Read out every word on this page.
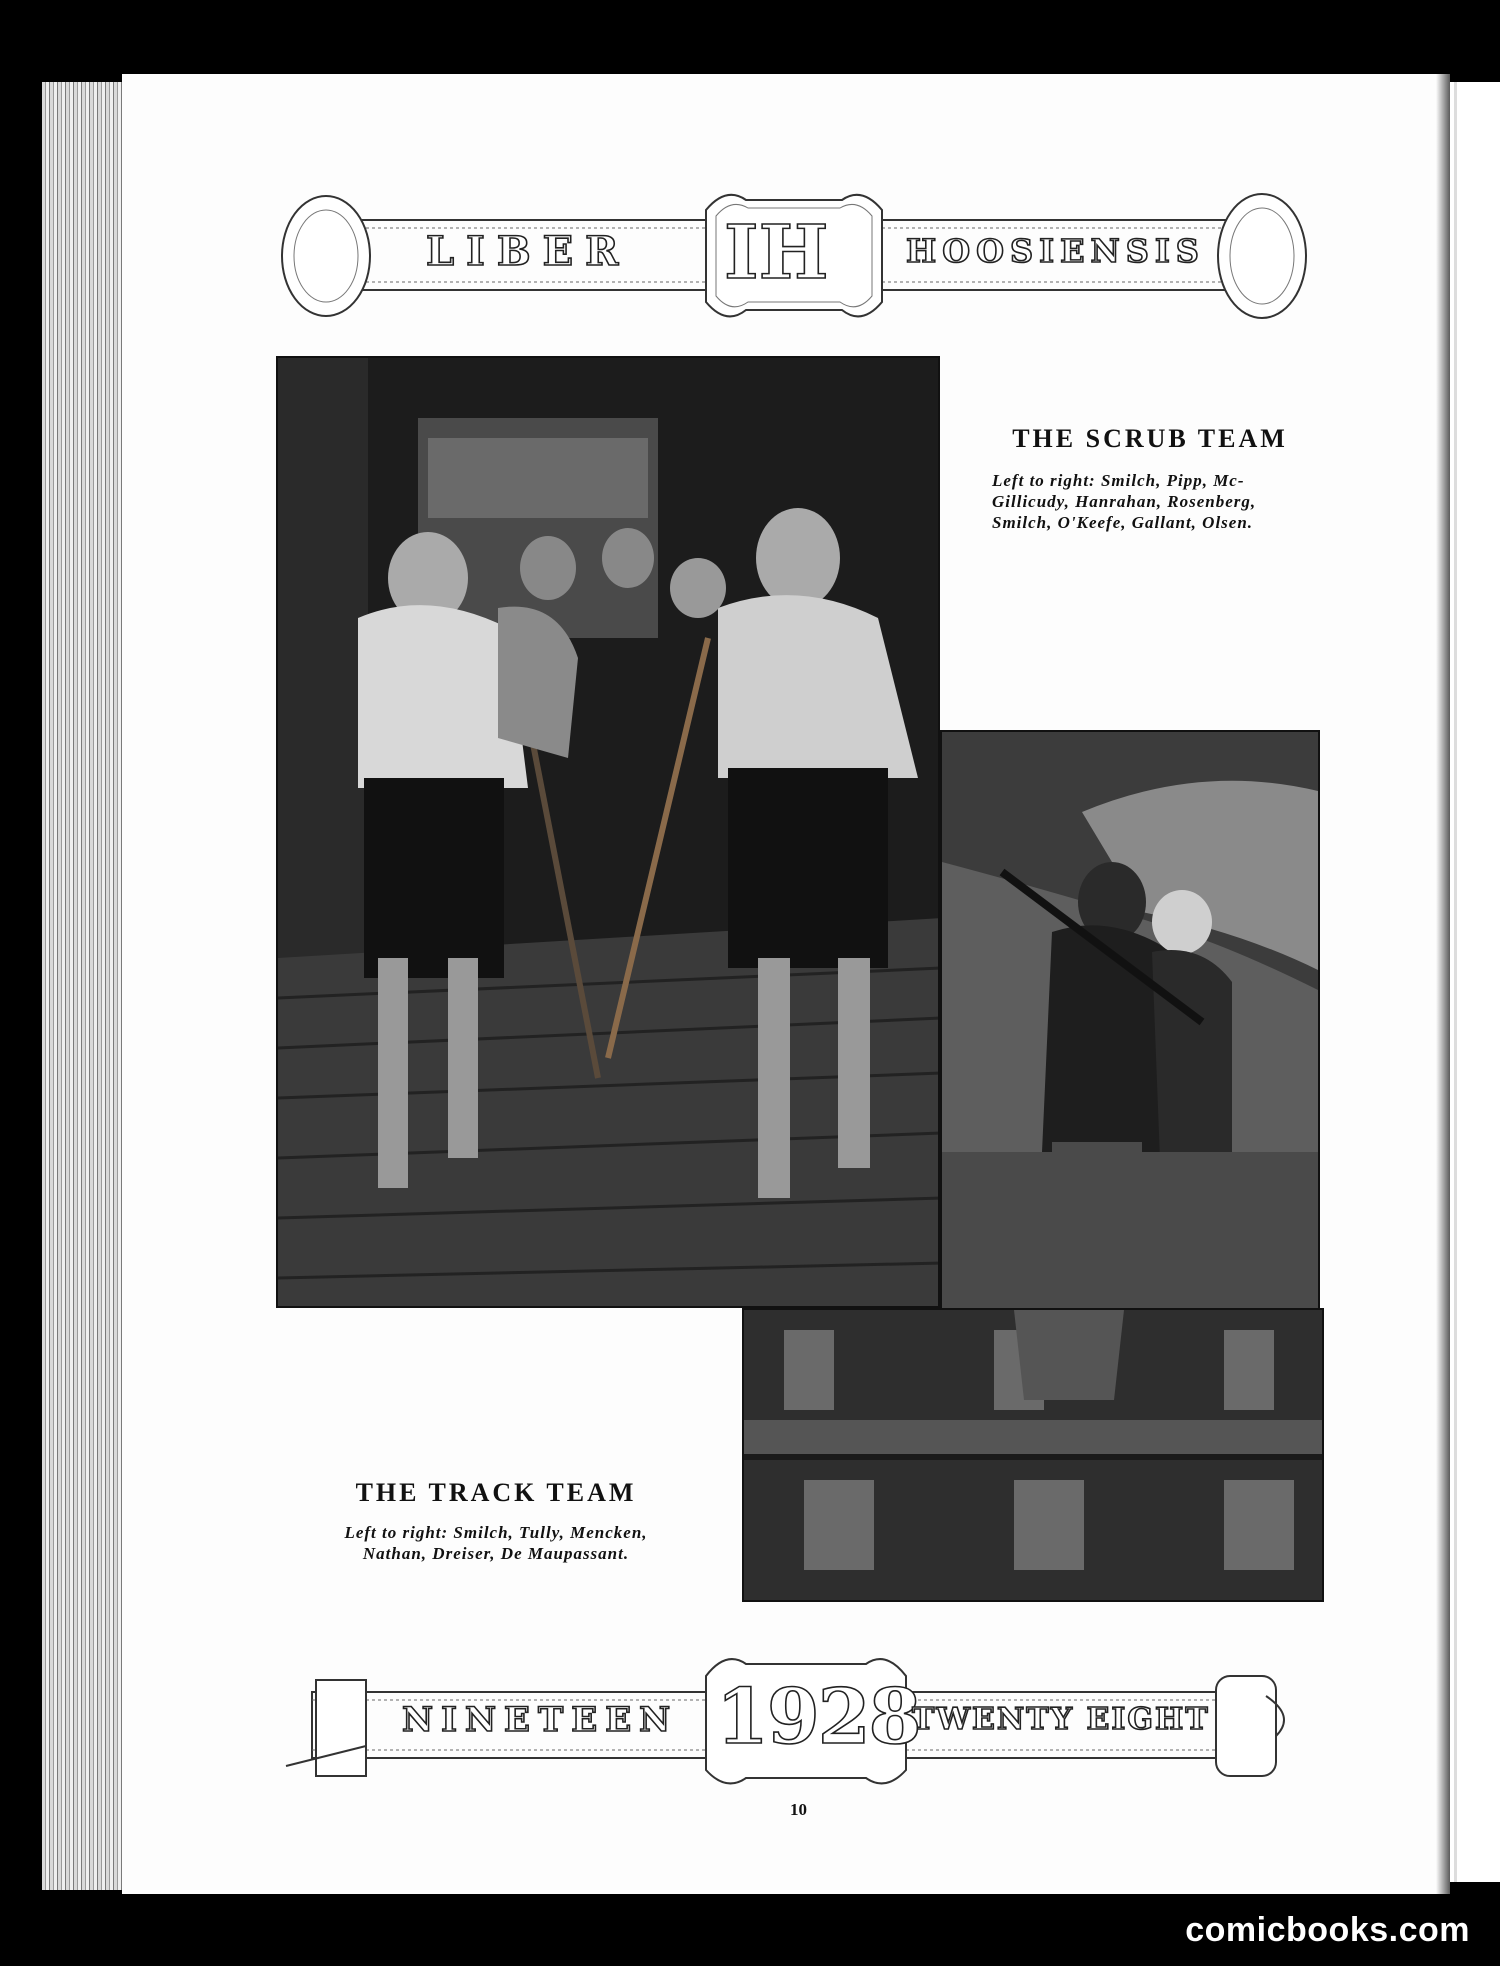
LIBER IH HOOSIENSIS
THE SCRUB TEAM
Left to right: Smilch, Pipp, Mc-
Gillicudy, Hanrahan, Rosenberg,
Smilch, O'Keefe, Gallant, Olsen.
THE TRACK TEAM
Left to right: Smilch, Tully, Mencken,
Nathan, Dreiser, De Maupassant.
NINETEEN 1928
TWENTY EIGHT
10
comicbooks.com
